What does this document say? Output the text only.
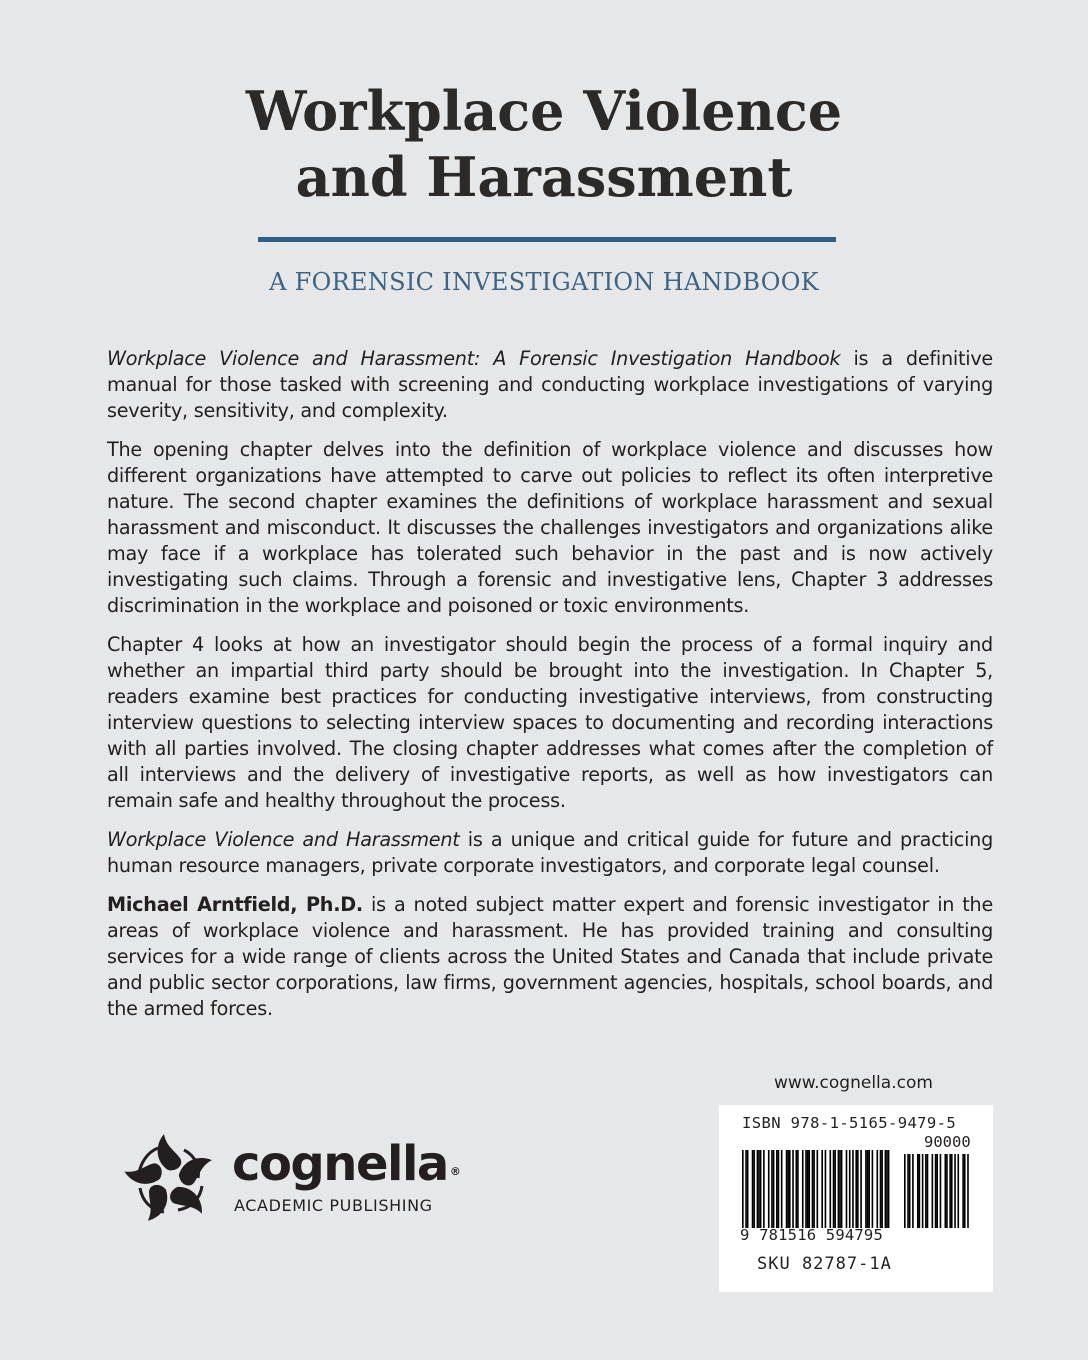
Workplace Violence
and Harassment
A FORENSIC INVESTIGATION HANDBOOK

Workplace Violence and Harassment: A Forensic Investigation Handbook is a definitive manual for those tasked with screening and conducting workplace investigations of varying severity, sensitivity, and complexity.

The opening chapter delves into the definition of workplace violence and discusses how different organizations have attempted to carve out policies to reflect its often interpretive nature. The second chapter examines the definitions of workplace harassment and sexual harassment and misconduct. It discusses the challenges investigators and organizations alike may face if a workplace has tolerated such behavior in the past and is now actively investigating such claims. Through a forensic and investigative lens, Chapter 3 addresses discrimination in the workplace and poisoned or toxic environments.

Chapter 4 looks at how an investigator should begin the process of a formal inquiry and whether an impartial third party should be brought into the investigation. In Chapter 5, readers examine best practices for conducting investigative interviews, from constructing interview questions to selecting interview spaces to documenting and recording interactions with all parties involved. The closing chapter addresses what comes after the completion of all interviews and the delivery of investigative reports, as well as how investigators can remain safe and healthy throughout the process.

Workplace Violence and Harassment is a unique and critical guide for future and practicing human resource managers, private corporate investigators, and corporate legal counsel.

Michael Arntfield, Ph.D. is a noted subject matter expert and forensic investigator in the areas of workplace violence and harassment. He has provided training and consulting services for a wide range of clients across the United States and Canada that include private and public sector corporations, law firms, government agencies, hospitals, school boards, and the armed forces.

www.cognella.com
cognella ®
ACADEMIC PUBLISHING
ISBN 978-1-5165-9479-5
90000
9 781516 594795
SKU 82787-1A
